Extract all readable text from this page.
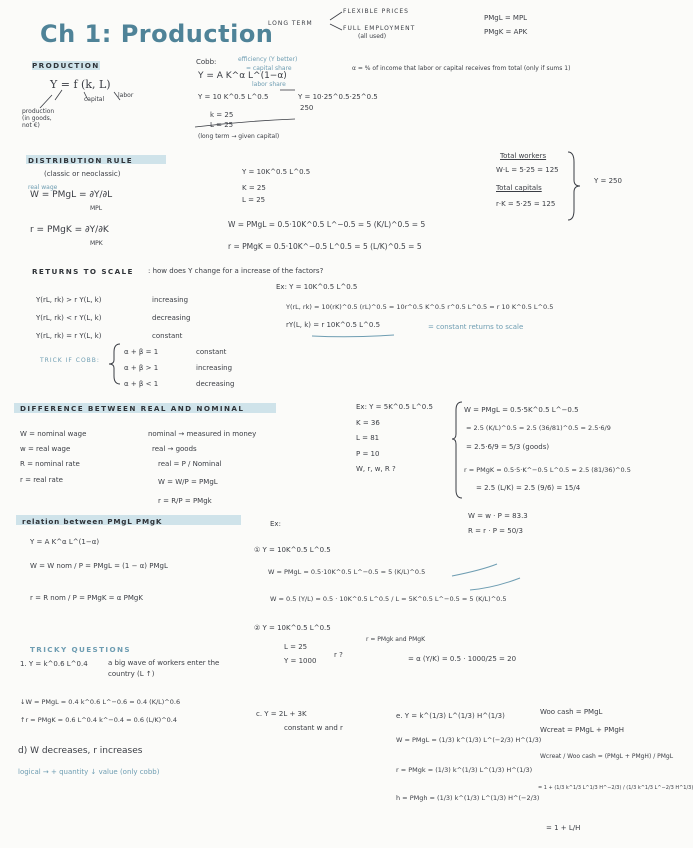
Ch 1: Production
LONG TERM
FLEXIBLE PRICES
FULL EMPLOYMENT
(all used)
PMgL = MPL
PMgK = APK
PRODUCTION
Y = f (k, L)
capital
labor
production (in goods, not €)
Cobb:	efficiency (Y better)
= capital share
labor share
Y = A K^α L^(1−α)
Y = 10 K^0.5 L^0.5	Y = 10·25^0.5·25^0.5
250
k = 25
L = 25
(long term → given capital)
α = % of income that labor or capital receives from total (only if sums 1)
DISTRIBUTION RULE
(classic or neoclassic)
real wage
W = PMgL = ∂Y/∂L
MPL
r = PMgK = ∂Y/∂K
MPK
Y = 10K^0.5 L^0.5
K = 25
L = 25
W = PMgL = 0.5·10K^0.5 L^−0.5 = 5 (K/L)^0.5 = 5
r = PMgK = 0.5·10K^−0.5 L^0.5 = 5 (L/K)^0.5 = 5
Total workers
W·L = 5·25 = 125
Total capitals
r·K = 5·25 = 125
Y = 250
RETURNS TO SCALE : how does Y change for a increase of the factors?
Y(rL, rk) > r Y(L, k)	increasing
Y(rL, rk) < r Y(L, k)	decreasing
Y(rL, rk) = r Y(L, k)	constant
TRICK IF COBB:
α + β = 1	constant
α + β > 1	increasing
α + β < 1	decreasing
Ex: Y = 10K^0.5 L^0.5
Y(rL, rk) = 10(rK)^0.5 (rL)^0.5 = 10r^0.5 K^0.5 r^0.5 L^0.5 = r 10 K^0.5 L^0.5
rY(L, k) = r 10K^0.5 L^0.5	= constant returns to scale
DIFFERENCE BETWEEN REAL AND NOMINAL
W = nominal wage
w = real wage
R = nominal rate
r = real rate
nominal → measured in money
real → goods
real = P / Nominal
W = W/P = PMgL
r = R/P = PMgk
Ex: Y = 5K^0.5 L^0.5
K = 36
L = 81
P = 10
W, r, w, R ?
W = PMgL = 0.5·5K^0.5 L^−0.5
= 2.5 (K/L)^0.5 = 2.5 (36/81)^0.5 = 2.5·6/9
= 2.5·6/9 = 5/3 (goods)
r = PMgK = 0.5·5·K^−0.5 L^0.5 = 2.5 (81/36)^0.5
= 2.5 (L/K) = 2.5 (9/6) = 15/4
W = w · P = 83.3
R = r · P = 50/3
relation between PMgL PMgK	Ex:
Y = A K^α L^(1−α)
W = W nom / P = PMgL = (1 − α) PMgL
r = R nom / P = PMgK = α PMgK
① Y = 10K^0.5 L^0.5
W = PMgL = 0.5·10K^0.5 L^−0.5 = 5 (K/L)^0.5
W = 0.5 (Y/L) = 0.5 · 10K^0.5 L^0.5 / L = 5K^0.5 L^−0.5 = 5 (K/L)^0.5
② Y = 10K^0.5 L^0.5
L = 25
Y = 1000
r ?
r = PMgk and PMgK
= α (Y/K) = 0.5 · 1000/25 = 20
TRICKY QUESTIONS
1. Y = k^0.6 L^0.4	a big wave of workers enter the country (L ↑)
↓W = PMgL = 0.4 k^0.6 L^−0.6 = 0.4 (K/L)^0.6
↑r = PMgK = 0.6 L^0.4 k^−0.4 = 0.6 (L/K)^0.4
d) W decreases, r increases
logical → + quantity ↓ value (only cobb)
c. Y = 2L + 3K
constant w and r
e. Y = k^(1/3) L^(1/3) H^(1/3)
W = PMgL = (1/3) k^(1/3) L^(−2/3) H^(1/3)
r = PMgk = (1/3) k^(1/3) L^(1/3) H^(1/3)
h = PMgh = (1/3) k^(1/3) L^(1/3) H^(−2/3)
Woo cash = PMgL
Wcreat = PMgL + PMgH
Wcreat / Woo cash = (PMgL + PMgH) / PMgL
= 1 + (1/3 k^1/3 L^1/3 H^−2/3) / (1/3 k^1/3 L^−2/3 H^1/3)
= 1 + L/H
